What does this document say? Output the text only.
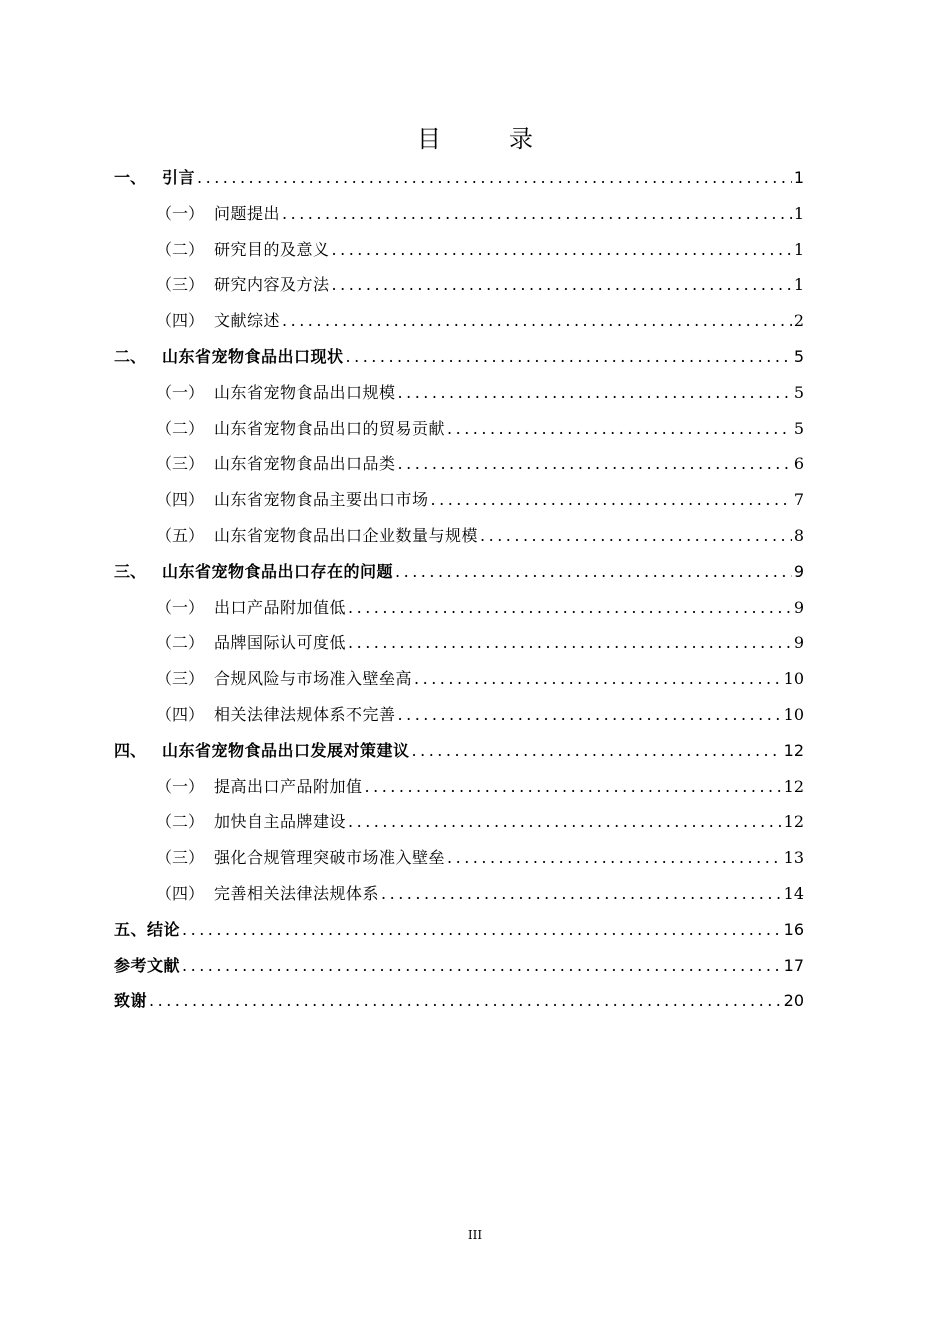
目　录
一、 引言 .....	1
（一） 问题提出 .....	1
（二） 研究目的及意义 .....	1
（三） 研究内容及方法 .....	1
（四） 文献综述 .....	2
二、 山东省宠物食品出口现状 .....	5
（一） 山东省宠物食品出口规模 .....	5
（二） 山东省宠物食品出口的贸易贡献 .....	5
（三） 山东省宠物食品出口品类 .....	6
（四） 山东省宠物食品主要出口市场 .....	7
（五） 山东省宠物食品出口企业数量与规模 .....	8
三、 山东省宠物食品出口存在的问题 .....	9
（一） 出口产品附加值低 .....	9
（二） 品牌国际认可度低 .....	9
（三） 合规风险与市场准入壁垒高 .....	10
（四） 相关法律法规体系不完善 .....	10
四、 山东省宠物食品出口发展对策建议 .....	12
（一） 提高出口产品附加值 .....	12
（二） 加快自主品牌建设 .....	12
（三） 强化合规管理突破市场准入壁垒 .....	13
（四） 完善相关法律法规体系 .....	14
五、结论 .....	16
参考文献 .....	17
致谢 .....	20
III
